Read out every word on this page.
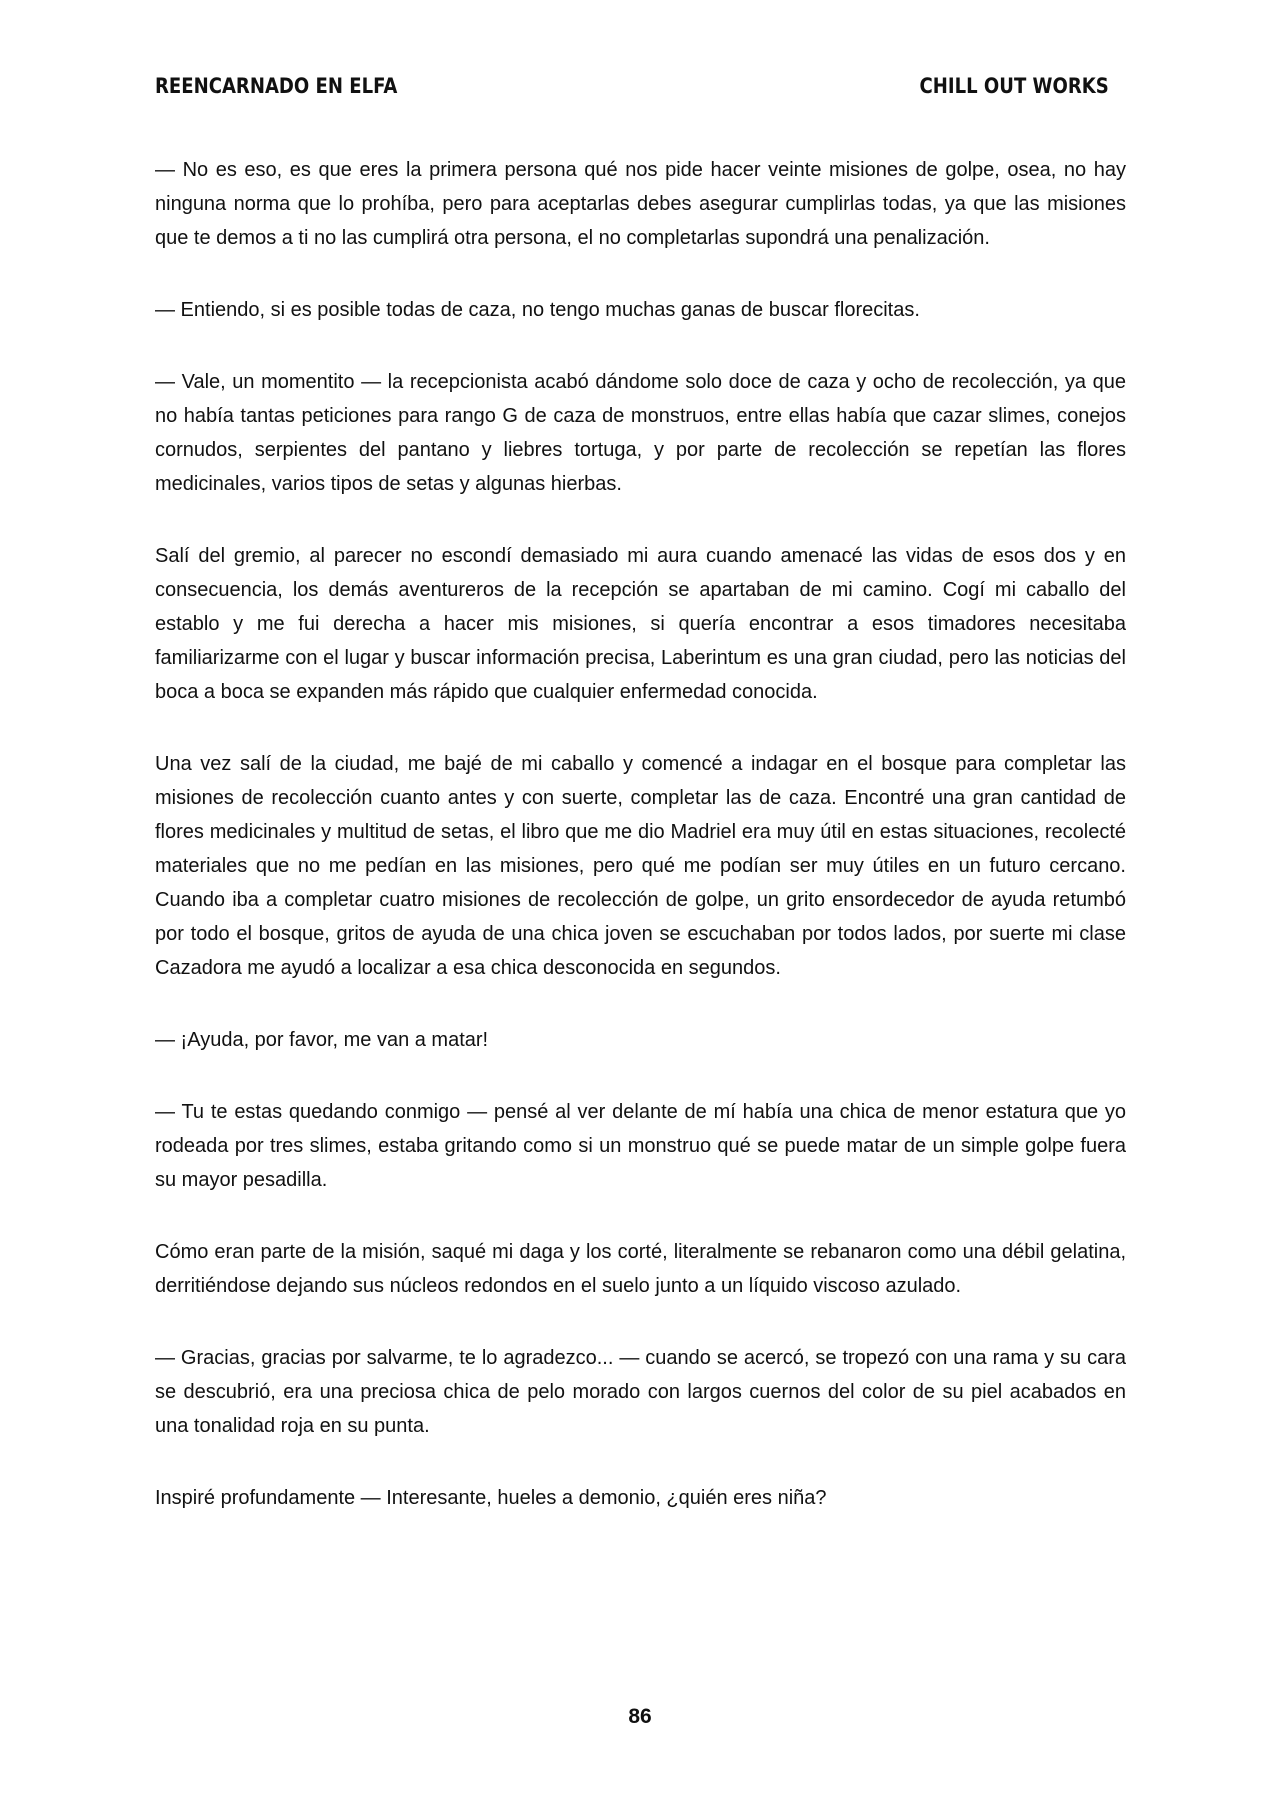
REENCARNADO EN ELFA	CHILL OUT WORKS

— No es eso, es que eres la primera persona qué nos pide hacer veinte misiones de golpe, osea, no hay ninguna norma que lo prohíba, pero para aceptarlas debes asegurar cumplirlas todas, ya que las misiones que te demos a ti no las cumplirá otra persona, el no completarlas supondrá una penalización.

— Entiendo, si es posible todas de caza, no tengo muchas ganas de buscar florecitas.

— Vale, un momentito — la recepcionista acabó dándome solo doce de caza y ocho de recolección, ya que no había tantas peticiones para rango G de caza de monstruos, entre ellas había que cazar slimes, conejos cornudos, serpientes del pantano y liebres tortuga, y por parte de recolección se repetían las flores medicinales, varios tipos de setas y algunas hierbas.

Salí del gremio, al parecer no escondí demasiado mi aura cuando amenacé las vidas de esos dos y en consecuencia, los demás aventureros de la recepción se apartaban de mi camino. Cogí mi caballo del establo y me fui derecha a hacer mis misiones, si quería encontrar a esos timadores necesitaba familiarizarme con el lugar y buscar información precisa, Laberintum es una gran ciudad, pero las noticias del boca a boca se expanden más rápido que cualquier enfermedad conocida.

Una vez salí de la ciudad, me bajé de mi caballo y comencé a indagar en el bosque para completar las misiones de recolección cuanto antes y con suerte, completar las de caza. Encontré una gran cantidad de flores medicinales y multitud de setas, el libro que me dio Madriel era muy útil en estas situaciones, recolecté materiales que no me pedían en las misiones, pero qué me podían ser muy útiles en un futuro cercano. Cuando iba a completar cuatro misiones de recolección de golpe, un grito ensordecedor de ayuda retumbó por todo el bosque, gritos de ayuda de una chica joven se escuchaban por todos lados, por suerte mi clase Cazadora me ayudó a localizar a esa chica desconocida en segundos.

— ¡Ayuda, por favor, me van a matar!

— Tu te estas quedando conmigo — pensé al ver delante de mí había una chica de menor estatura que yo rodeada por tres slimes, estaba gritando como si un monstruo qué se puede matar de un simple golpe fuera su mayor pesadilla.

Cómo eran parte de la misión, saqué mi daga y los corté, literalmente se rebanaron como una débil gelatina, derritiéndose dejando sus núcleos redondos en el suelo junto a un líquido viscoso azulado.

— Gracias, gracias por salvarme, te lo agradezco... — cuando se acercó, se tropezó con una rama y su cara se descubrió, era una preciosa chica de pelo morado con largos cuernos del color de su piel acabados en una tonalidad roja en su punta.

Inspiré profundamente — Interesante, hueles a demonio, ¿quién eres niña?

86
